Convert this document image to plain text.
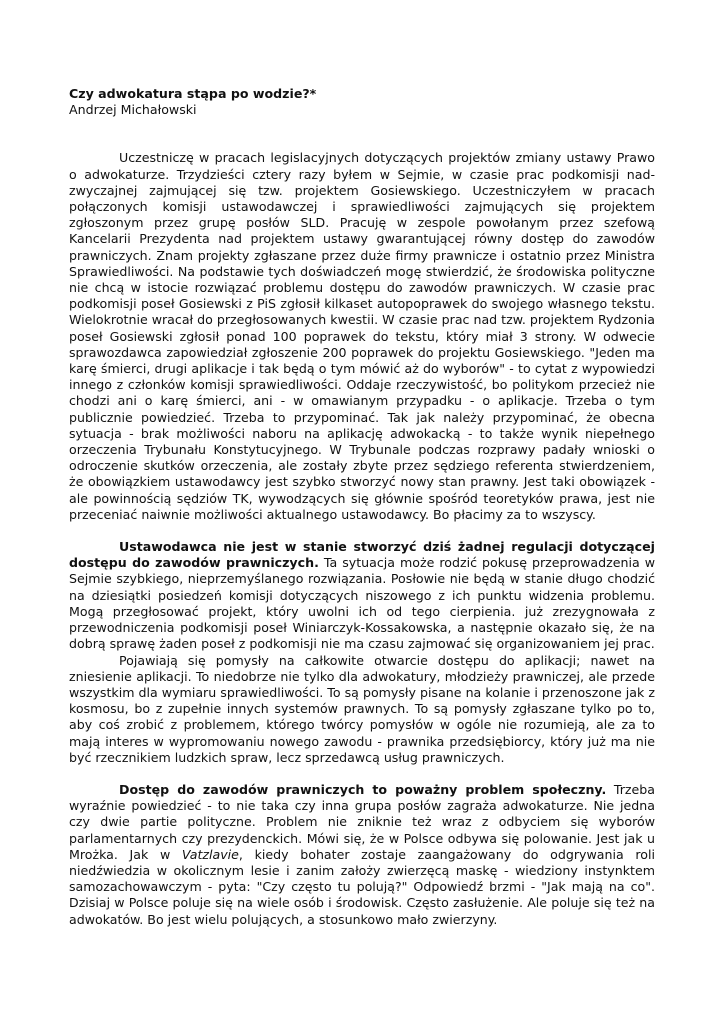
Czy adwokatura stąpa po wodzie?*
Andrzej Michałowski

Uczestniczę w pracach legislacyjnych dotyczących projektów zmiany ustawy Prawo o adwokaturze. Trzydzieści cztery razy byłem w Sejmie, w czasie prac podkomisji nad- zwyczajnej zajmującej się tzw. projektem Gosiewskiego. Uczestniczyłem w pracach połączonych komisji ustawodawczej i sprawiedliwości zajmujących się projektem zgłoszonym przez grupę posłów SLD. Pracuję w zespole powołanym przez szefową Kancelarii Prezydenta nad projektem ustawy gwarantującej równy dostęp do zawodów prawniczych. Znam projekty zgłaszane przez duże firmy prawnicze i ostatnio przez Ministra Sprawiedliwości. Na podstawie tych doświadczeń mogę stwierdzić, że środowiska polityczne nie chcą w istocie rozwiązać problemu dostępu do zawodów prawniczych. W czasie prac podkomisji poseł Gosiewski z PiS zgłosił kilkaset autopoprawek do swojego własnego tekstu. Wielokrotnie wracał do przegłosowanych kwestii. W czasie prac nad tzw. projektem Rydzonia poseł Gosiewski zgłosił ponad 100 poprawek do tekstu, który miał 3 strony. W odwecie sprawozdawca zapowiedział zgłoszenie 200 poprawek do projektu Gosiewskiego. "Jeden ma karę śmierci, drugi aplikacje i tak będą o tym mówić aż do wyborów" - to cytat z wypowiedzi innego z członków komisji sprawiedliwości. Oddaje rzeczywistość, bo politykom przecież nie chodzi ani o karę śmierci, ani - w omawianym przypadku - o aplikacje. Trzeba o tym publicznie powiedzieć. Trzeba to przypominać. Tak jak należy przypominać, że obecna sytuacja - brak możliwości naboru na aplikację adwokacką - to także wynik niepełnego orzeczenia Trybunału Konstytucyjnego. W Trybunale podczas rozprawy padały wnioski o odroczenie skutków orzeczenia, ale zostały zbyte przez sędziego referenta stwierdzeniem, że obowiązkiem ustawodawcy jest szybko stworzyć nowy stan prawny. Jest taki obowiązek - ale powinnością sędziów TK, wywodzących się głównie spośród teoretyków prawa, jest nie przeceniać naiwnie możliwości aktualnego ustawodawcy. Bo płacimy za to wszyscy.

Ustawodawca nie jest w stanie stworzyć dziś żadnej regulacji dotyczącej dostępu do zawodów prawniczych. Ta sytuacja może rodzić pokusę przeprowadzenia w Sejmie szybkiego, nieprzemyślanego rozwiązania. Posłowie nie będą w stanie długo chodzić na dziesiątki posiedzeń komisji dotyczących niszowego z ich punktu widzenia problemu. Mogą przegłosować projekt, który uwolni ich od tego cierpienia. już zrezygnowała z przewodniczenia podkomisji poseł Winiarczyk-Kossakowska, a następnie okazało się, że na dobrą sprawę żaden poseł z podkomisji nie ma czasu zajmować się organizowaniem jej prac.

Pojawiają się pomysły na całkowite otwarcie dostępu do aplikacji; nawet na zniesienie aplikacji. To niedobrze nie tylko dla adwokatury, młodzieży prawniczej, ale przede wszystkim dla wymiaru sprawiedliwości. To są pomysły pisane na kolanie i przenoszone jak z kosmosu, bo z zupełnie innych systemów prawnych. To są pomysły zgłaszane tylko po to, aby coś zrobić z problemem, którego twórcy pomysłów w ogóle nie rozumieją, ale za to mają interes w wypromowaniu nowego zawodu - prawnika przedsiębiorcy, który już ma nie być rzecznikiem ludzkich spraw, lecz sprzedawcą usług prawniczych.

Dostęp do zawodów prawniczych to poważny problem społeczny. Trzeba wyraźnie powiedzieć - to nie taka czy inna grupa posłów zagraża adwokaturze. Nie jedna czy dwie partie polityczne. Problem nie zniknie też wraz z odbyciem się wyborów parlamentarnych czy prezydenckich. Mówi się, że w Polsce odbywa się polowanie. Jest jak u Mrożka. Jak w Vatzlavie, kiedy bohater zostaje zaangażowany do odgrywania roli niedźwiedzia w okolicznym lesie i zanim założy zwierzęcą maskę - wiedziony instynktem samozachowawczym - pyta: "Czy często tu polują?" Odpowiedź brzmi - "Jak mają na co". Dzisiaj w Polsce poluje się na wiele osób i środowisk. Często zasłużenie. Ale poluje się też na adwokatów. Bo jest wielu polujących, a stosunkowo mało zwierzyny.
